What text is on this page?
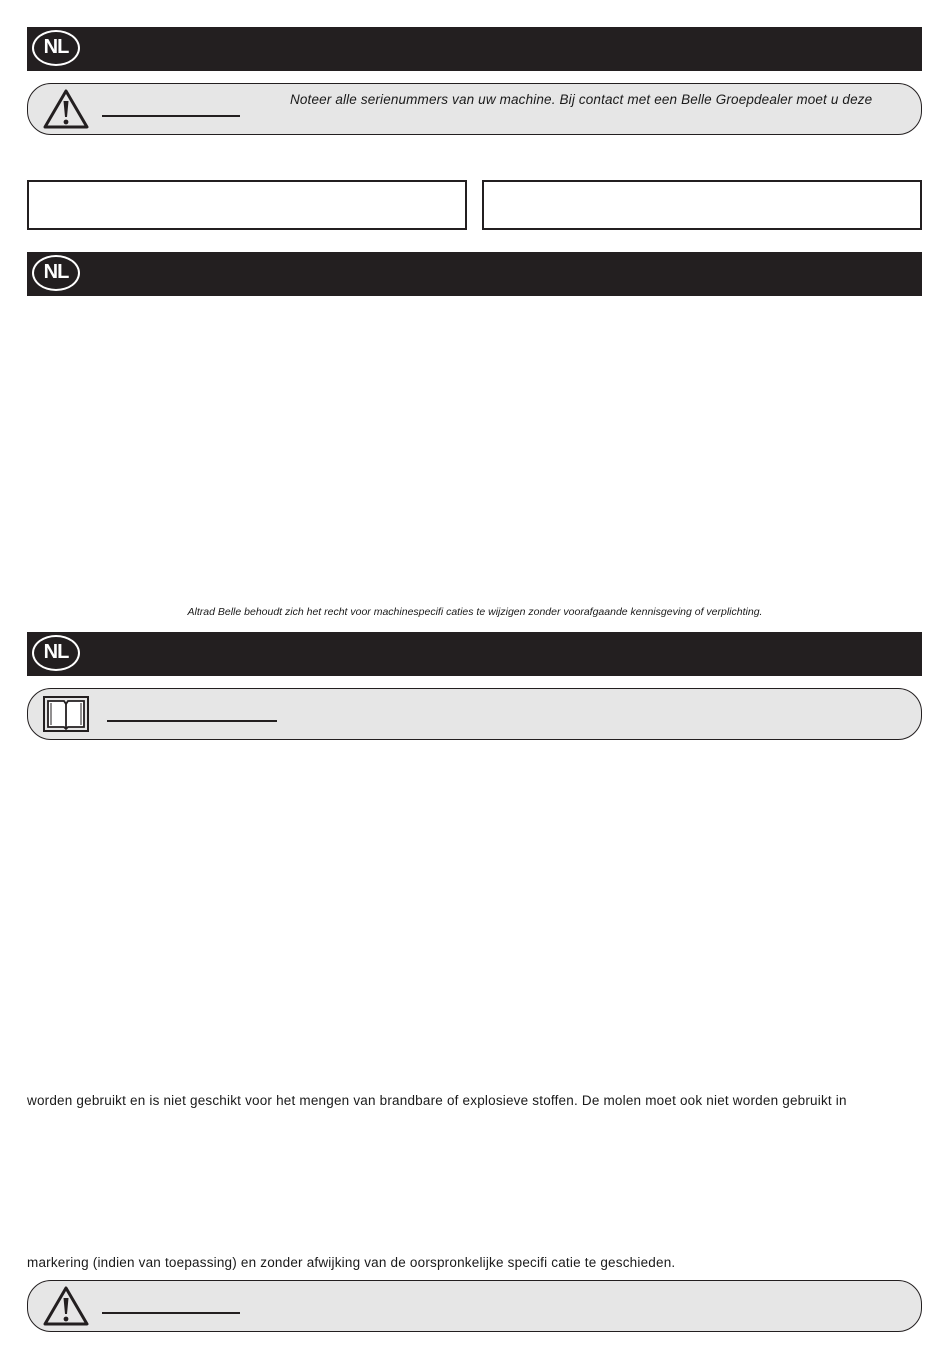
NL
Noteer alle serienummers van uw machine. Bij contact met een Belle Groepdealer moet u deze
NL
Altrad Belle behoudt zich het recht voor machinespecifi caties te wijzigen zonder voorafgaande kennisgeving of verplichting.
NL
worden gebruikt en is niet geschikt voor het mengen van brandbare of explosieve stoffen. De molen moet ook niet worden gebruikt in
markering (indien van toepassing) en zonder afwijking van de oorspronkelijke specifi catie te geschieden.
